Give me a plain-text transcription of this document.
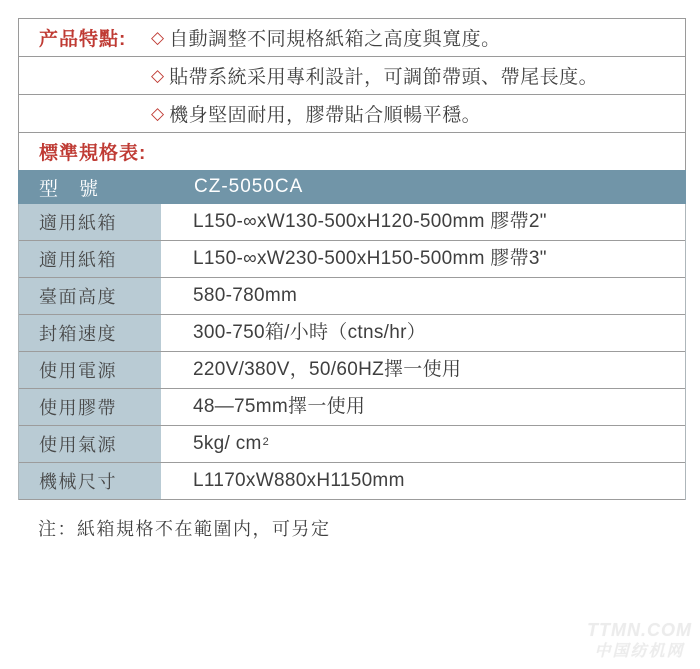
产品特點:	◇ 自動調整不同規格紙箱之高度與寬度。
◇ 貼帶系統采用專利設計，可調節帶頭、帶尾長度。
◇ 機身堅固耐用，膠帶貼合順暢平穩。
標準規格表:
型　號	CZ-5050CA
適用紙箱	L150-∞xW130-500xH120-500mm 膠帶2"
適用紙箱	L150-∞xW230-500xH150-500mm 膠帶3"
臺面高度	580-780mm
封箱速度	300-750箱/小時（ctns/hr）
使用電源	220V/380V，50/60HZ擇一使用
使用膠帶	48—75mm擇一使用
使用氣源	5kg/ cm 2
機械尺寸	L1170xW880xH1150mm
注：紙箱規格不在範圍内，可另定
TTMN.COM
中国纺机网
